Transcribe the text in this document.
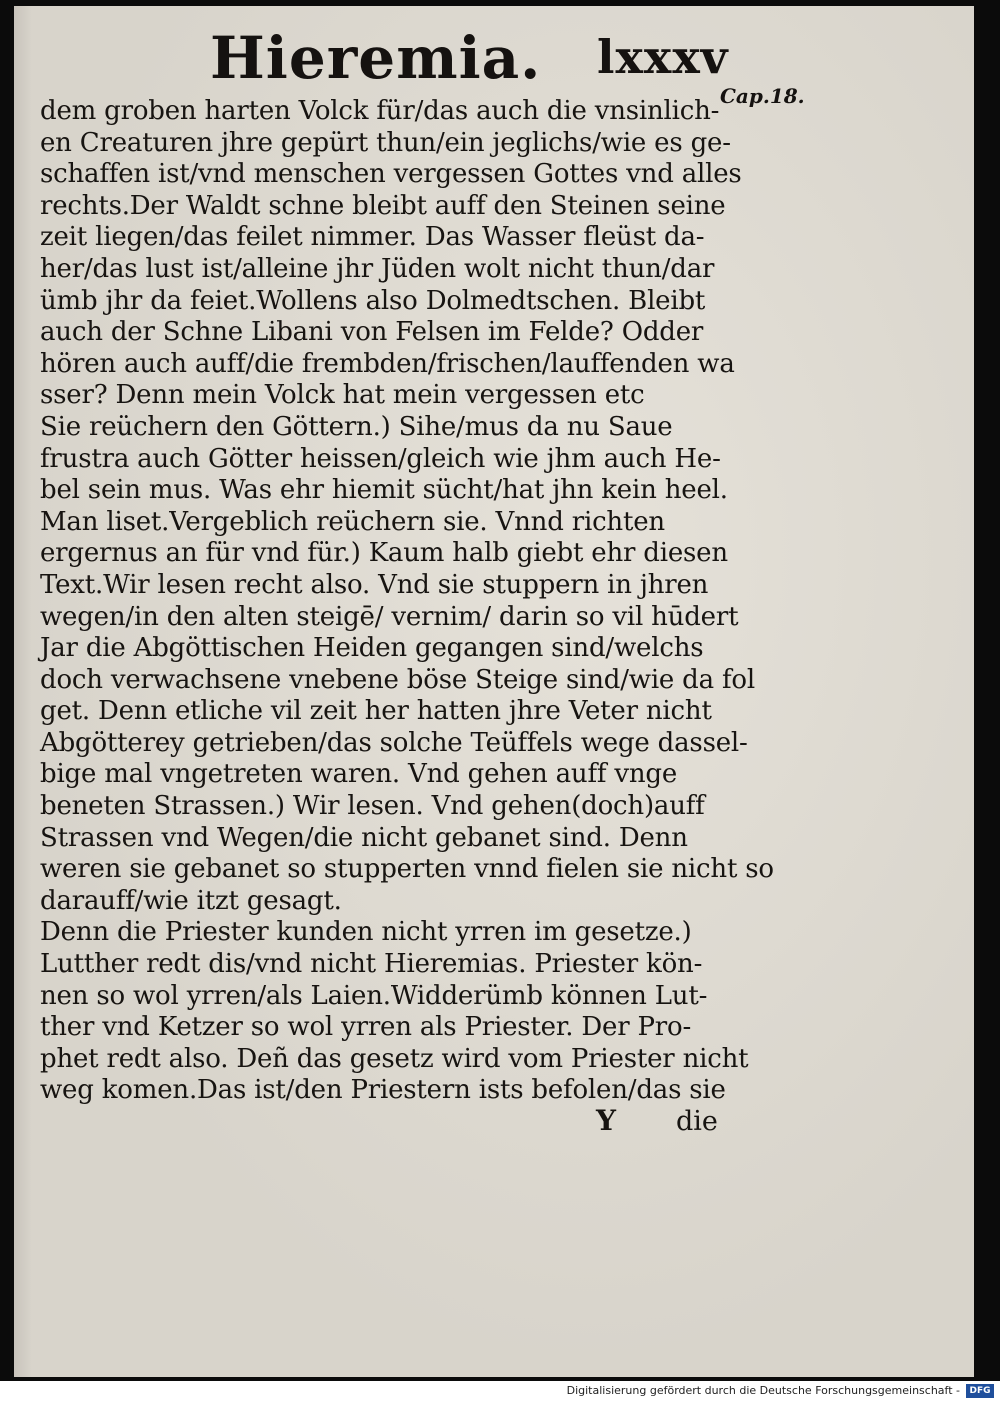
Hieremia. lxxxv
Cap.18.
dem groben harten Volck für/das auch die vnsinlich-
en Creaturen jhre gepürt thun/ein jeglichs/wie es ge-
schaffen ist/vnd menschen vergessen Gottes vnd alles
rechts.Der Waldt schne bleibt auff den Steinen seine
zeit liegen/das feilet nimmer. Das Wasser fleüst da-
her/das lust ist/alleine jhr Jüden wolt nicht thun/dar
ümb jhr da feiet.Wollens also Dolmedtschen. Bleibt
auch der Schne Libani von Felsen im Felde? Odder
hören auch auff/die frembden/frischen/lauffenden wa
sser? Denn mein Volck hat mein vergessen etc
Sie reüchern den Göttern.) Sihe/mus da nu Saue
frustra auch Götter heissen/gleich wie jhm auch He-
bel sein mus. Was ehr hiemit sücht/hat jhn kein heel.
Man liset.Vergeblich reüchern sie. Vnnd richten
ergernus an für vnd für.) Kaum halb giebt ehr diesen
Text.Wir lesen recht also. Vnd sie stuppern in jhren
wegen/in den alten steigē/ vernim/ darin so vil hūdert
Jar die Abgöttischen Heiden gegangen sind/welchs
doch verwachsene vnebene böse Steige sind/wie da fol
get. Denn etliche vil zeit her hatten jhre Veter nicht
Abgötterey getrieben/das solche Teüffels wege dassel-
bige mal vngetreten waren. Vnd gehen auff vnge
beneten Strassen.) Wir lesen. Vnd gehen(doch)auff
Strassen vnd Wegen/die nicht gebanet sind. Denn
weren sie gebanet so stupperten vnnd fielen sie nicht so
darauff/wie itzt gesagt.
Denn die Priester kunden nicht yrren im gesetze.)
Lutther redt dis/vnd nicht Hieremias. Priester kön-
nen so wol yrren/als Laien.Widderümb können Lut-
ther vnd Ketzer so wol yrren als Priester. Der Pro-
phet redt also. Deñ das gesetz wird vom Priester nicht
weg komen.Das ist/den Priestern ists befolen/das sie
Y die
Digitalisierung gefördert durch die Deutsche Forschungsgemeinschaft -	DFG
